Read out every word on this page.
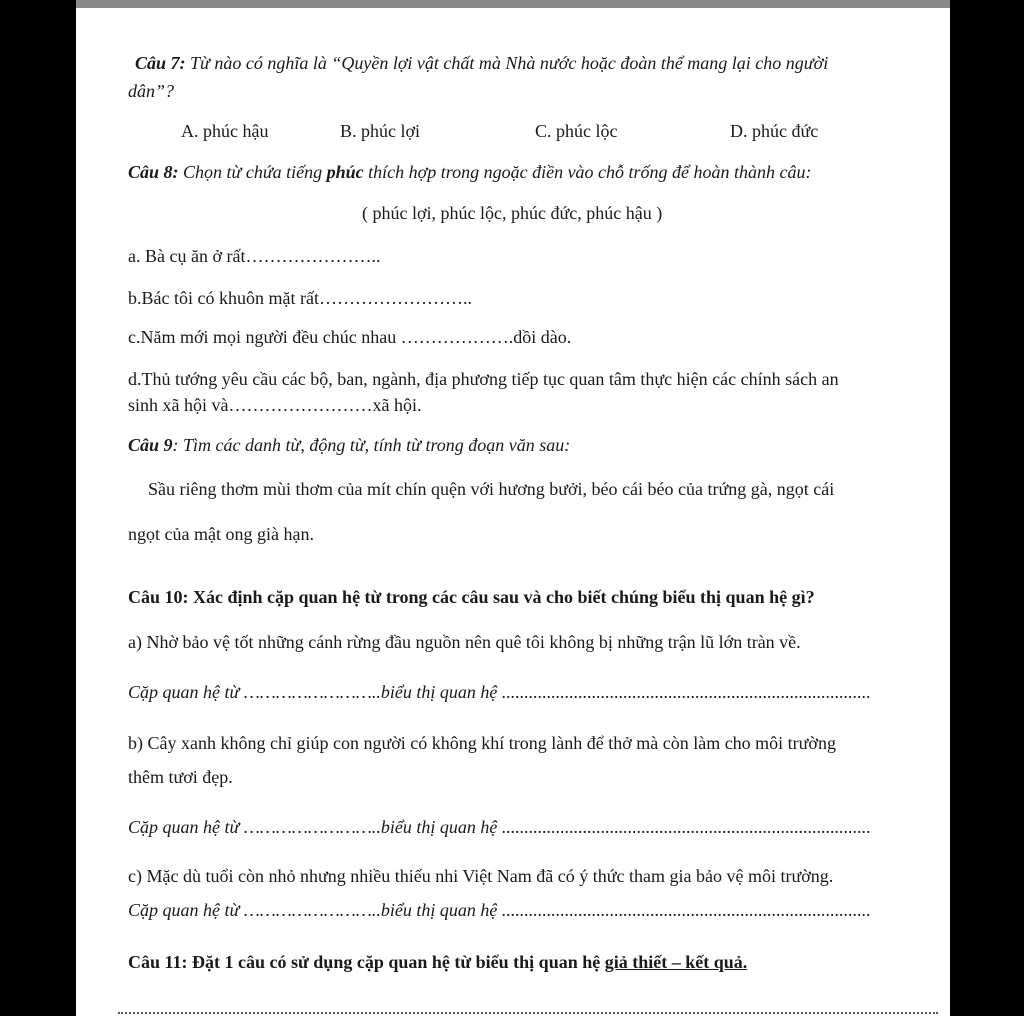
Câu 7: Từ nào có nghĩa là “Quyền lợi vật chất mà Nhà nước hoặc đoàn thể mang lại cho người
dân”?
A. phúc hậu	B. phúc lợi	C. phúc lộc	D. phúc đức
Câu 8: Chọn từ chứa tiếng phúc thích hợp trong ngoặc điền vào chỗ trống để hoàn thành câu:
( phúc lợi, phúc lộc, phúc đức, phúc hậu )
a. Bà cụ ăn ở rất…………………..
b.Bác tôi có khuôn mặt rất……………………..
c.Năm mới mọi người đều chúc nhau ……………….dồi dào.
d.Thủ tướng yêu cầu các bộ, ban, ngành, địa phương tiếp tục quan tâm thực hiện các chính sách an
sinh xã hội và……………………xã hội.
Câu 9: Tìm các danh từ, động từ, tính từ trong đoạn văn sau:
Sầu riêng thơm mùi thơm của mít chín quện với hương bưởi, béo cái béo của trứng gà, ngọt cái
ngọt của mật ong già hạn.
Câu 10: Xác định cặp quan hệ từ trong các câu sau và cho biết chúng biểu thị quan hệ gì?
a) Nhờ bảo vệ tốt những cánh rừng đầu nguồn nên quê tôi không bị những trận lũ lớn tràn về.
Cặp quan hệ từ ……………………..biểu thị quan hệ ..................................................................................
b) Cây xanh không chỉ giúp con người có không khí trong lành để thở mà còn làm cho môi trường
thêm tươi đẹp.
Cặp quan hệ từ ……………………..biểu thị quan hệ ..................................................................................
c) Mặc dù tuổi còn nhỏ nhưng nhiều thiếu nhi Việt Nam đã có ý thức tham gia bảo vệ môi trường.
Cặp quan hệ từ ……………………..biểu thị quan hệ ..................................................................................
Câu 11: Đặt 1 câu có sử dụng cặp quan hệ từ biểu thị quan hệ giả thiết – kết quả.
